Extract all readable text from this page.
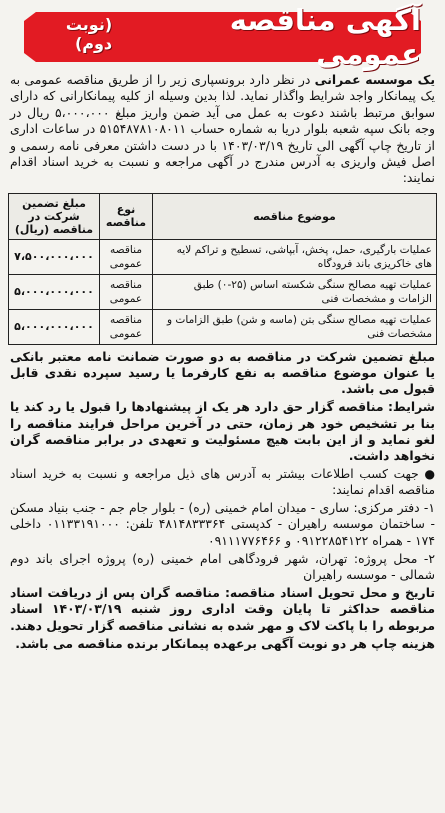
آگهی مناقصه عمومی
(نوبت دوم)
یک موسسه عمرانی در نظر دارد برونسپاری زیر را از طریق مناقصه عمومی به یک پیمانکار واجد شرایط واگذار نماید. لذا بدین وسیله از کلیه پیمانکارانی که دارای سوابق مرتبط باشند دعوت به عمل می آید ضمن واریز مبلغ ۵،۰۰۰،۰۰۰ ریال در وجه بانک سپه شعبه بلوار دریا به شماره حساب ۵۱۵۴۸۷۸۱۰۸۰۱۱ در ساعات اداری از تاریخ چاپ آگهی الی تاریخ ۱۴۰۳/۰۳/۱۹ با در دست داشتن معرفی نامه رسمی و اصل فیش واریزی به آدرس مندرج در آگهی مراجعه و نسبت به خرید اسناد اقدام نمایند:
موضوع مناقصه	نوع مناقصه	مبلغ تضمین شرکت در مناقصه (ریال)
عملیات بارگیری، حمل، پخش، آبپاشی، تسطیح و تراکم لایه های خاکریزی باند فرودگاه	مناقصه عمومی	۷،۵۰۰،۰۰۰،۰۰۰
عملیات تهیه مصالح سنگی شکسته اساس (۲۵-۰) طبق الزامات و مشخصات فنی	مناقصه عمومی	۵،۰۰۰،۰۰۰،۰۰۰
عملیات تهیه مصالح سنگی بتن (ماسه و شن) طبق الزامات و مشخصات فنی	مناقصه عمومی	۵،۰۰۰،۰۰۰،۰۰۰

مبلغ تضمین شرکت در مناقصه به دو صورت ضمانت نامه معتبر بانکی یا عنوان موضوع مناقصه به نفع کارفرما یا رسید سپرده نقدی قابل قبول می باشد.

شرایط: مناقصه گزار حق دارد هر یک از پیشنهادها را قبول یا رد کند یا بنا بر تشخیص خود هر زمان، حتی در آخرین مراحل فرایند مناقصه را لغو نماید و از این بابت هیچ مسئولیت و تعهدی در برابر مناقصه گران نخواهد داشت.

● جهت کسب اطلاعات بیشتر به آدرس های ذیل مراجعه و نسبت به خرید اسناد مناقصه اقدام نمایند:

۱- دفتر مرکزی: ساری - میدان امام خمینی (ره) - بلوار جام جم - جنب بنیاد مسکن - ساختمان موسسه راهیران - کدپستی ۴۸۱۴۸۳۳۳۶۴ تلفن: ۰۱۱۳۳۱۹۱۰۰۰ داخلی ۱۷۴ - همراه ۰۹۱۲۲۸۵۴۱۲۲ و ۰۹۱۱۱۷۷۶۴۶۶

۲- محل پروژه: تهران، شهر فرودگاهی امام خمینی (ره) پروژه اجرای باند دوم شمالی - موسسه راهیران

تاریخ و محل تحویل اسناد مناقصه: مناقصه گران پس از دریافت اسناد مناقصه حداکثر تا پایان وقت اداری روز شنبه ۱۴۰۳/۰۳/۱۹ اسناد مربوطه را با پاکت لاک و مهر شده به نشانی مناقصه گزار تحویل دهند.

هزینه چاپ هر دو نوبت آگهی برعهده پیمانکار برنده مناقصه می باشد.
